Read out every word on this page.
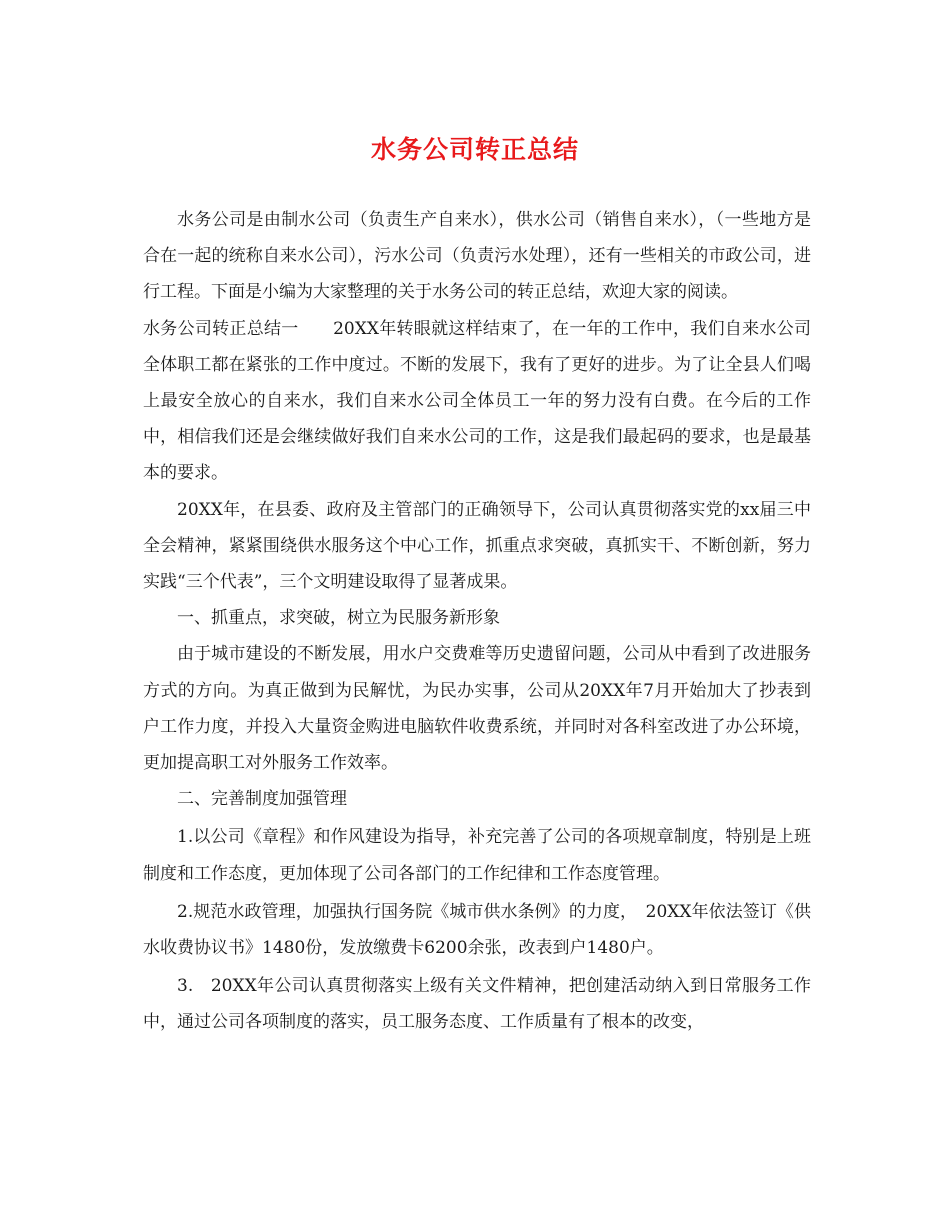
水务公司转正总结

水务公司是由制水公司（负责生产自来水），供水公司（销售自来水），（一些地方是合在一起的统称自来水公司），污水公司（负责污水处理），还有一些相关的市政公司，进行工程。下面是小编为大家整理的关于水务公司的转正总结，欢迎大家的阅读。

水务公司转正总结一　　20XX年转眼就这样结束了，在一年的工作中，我们自来水公司全体职工都在紧张的工作中度过。不断的发展下，我有了更好的进步。为了让全县人们喝上最安全放心的自来水，我们自来水公司全体员工一年的努力没有白费。在今后的工作中，相信我们还是会继续做好我们自来水公司的工作，这是我们最起码的要求，也是最基本的要求。

20XX年，在县委、政府及主管部门的正确领导下，公司认真贯彻落实党的xx届三中全会精神，紧紧围绕供水服务这个中心工作，抓重点求突破，真抓实干、不断创新，努力实践“三个代表”，三个文明建设取得了显著成果。

一、抓重点，求突破，树立为民服务新形象

由于城市建设的不断发展，用水户交费难等历史遗留问题，公司从中看到了改进服务方式的方向。为真正做到为民解忧，为民办实事，公司从20XX年7月开始加大了抄表到户工作力度，并投入大量资金购进电脑软件收费系统，并同时对各科室改进了办公环境，更加提高职工对外服务工作效率。

二、完善制度加强管理

1.以公司《章程》和作风建设为指导，补充完善了公司的各项规章制度，特别是上班制度和工作态度，更加体现了公司各部门的工作纪律和工作态度管理。

2.规范水政管理，加强执行国务院《城市供水条例》的力度，　20XX年依法签订《供水收费协议书》1480份，发放缴费卡6200余张，改表到户1480户。

3.　20XX年公司认真贯彻落实上级有关文件精神，把创建活动纳入到日常服务工作中，通过公司各项制度的落实，员工服务态度、工作质量有了根本的改变，
